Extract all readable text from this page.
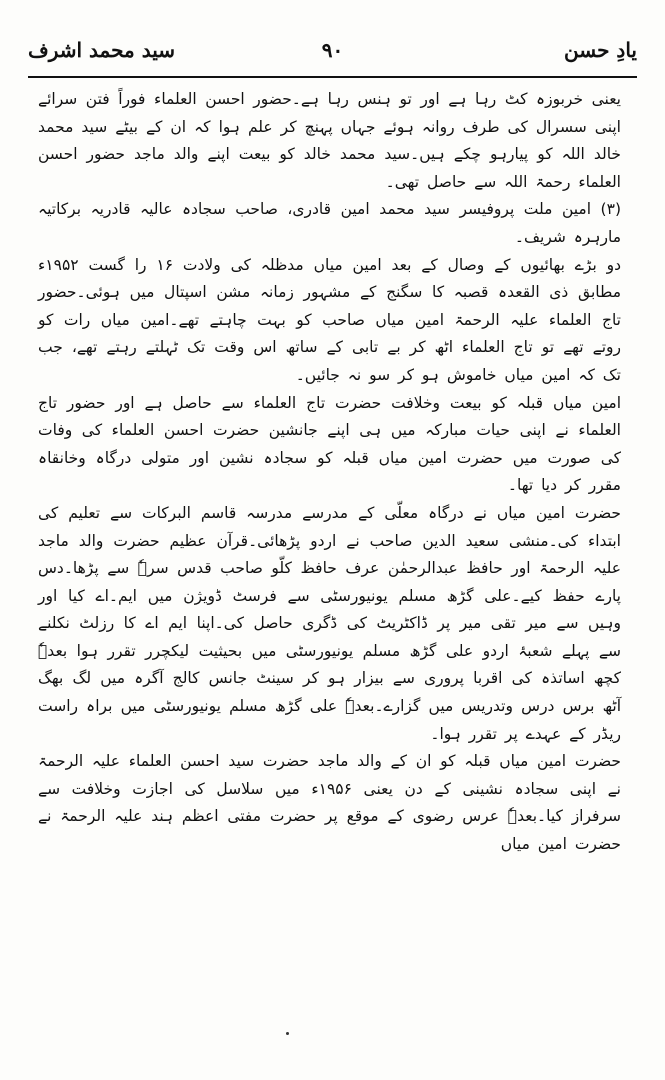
سید محمد اشرف	۹۰	یادِ حسن

یعنی خربوزہ کٹ رہا ہے اور تو ہنس رہا ہے۔حضور احسن العلماء فوراً فتن سرائے اپنی سسرال کی طرف روانہ ہوئے جہاں پہنچ کر علم ہوا کہ ان کے بیٹے سید محمد خالد اللہ کو پیارہو چکے ہیں۔سید محمد خالد کو بیعت اپنے والد ماجد حضور احسن العلماء رحمۃ اللہ سے حاصل تھی۔

(۳) امین ملت پروفیسر سید محمد امین قادری، صاحب سجادہ عالیہ قادریہ برکاتیہ مارہرہ شریف۔

دو بڑے بھائیوں کے وصال کے بعد امین میاں مدظلہ کی ولادت ۱۶ را گست ۱۹۵۲ء مطابق ذی القعدہ قصبہ کا سگنج کے مشہور زمانہ مشن اسپتال میں ہوئی۔حضور تاج العلماء علیہ الرحمۃ امین میاں صاحب کو بہت چاہتے تھے۔امین میاں رات کو روتے تھے تو تاج العلماء اٹھ کر بے تابی کے ساتھ اس وقت تک ٹہلتے رہتے تھے، جب تک کہ امین میاں خاموش ہو کر سو نہ جائیں۔

امین میاں قبلہ کو بیعت وخلافت حضرت تاج العلماء سے حاصل ہے اور حضور تاج العلماء نے اپنی حیات مبارکہ میں ہی اپنے جانشین حضرت احسن العلماء کی وفات کی صورت میں حضرت امین میاں قبلہ کو سجادہ نشین اور متولی درگاہ وخانقاہ مقرر کر دیا تھا۔

حضرت امین میاں نے درگاہ معلّی کے مدرسے مدرسہ قاسم البرکات سے تعلیم کی ابتداء کی۔منشی سعید الدین صاحب نے اردو پڑھائی۔قرآن عظیم حضرت والد ماجد علیہ الرحمۃ اور حافظ عبدالرحمٰن عرف حافظ کلّو صاحب قدس سرہٗ سے پڑھا۔دس پارے حفظ کیے۔علی گڑھ مسلم یونیورسٹی سے فرسٹ ڈویژن میں ایم۔اے کیا اور وہیں سے میر تقی میر پر ڈاکٹریٹ کی ڈگری حاصل کی۔اپنا ایم اے کا رزلٹ نکلنے سے پہلے شعبۂ اردو علی گڑھ مسلم یونیورسٹی میں بحیثیت لیکچرر تقرر ہوا بعدہٗ کچھ اساتذہ کی اقربا پروری سے بیزار ہو کر سینٹ جانس کالج آگرہ میں لگ بھگ آٹھ برس درس وتدریس میں گزارے۔بعدہٗ علی گڑھ مسلم یونیورسٹی میں براہ راست ریڈر کے عہدے پر تقرر ہوا۔

حضرت امین میاں قبلہ کو ان کے والد ماجد حضرت سید احسن العلماء علیہ الرحمۃ نے اپنی سجادہ نشینی کے دن یعنی ۱۹۵۶ء میں سلاسل کی اجازت وخلافت سے سرفراز کیا۔بعدہٗ عرس رضوی کے موقع پر حضرت مفتی اعظم ہند علیہ الرحمۃ نے حضرت امین میاں
